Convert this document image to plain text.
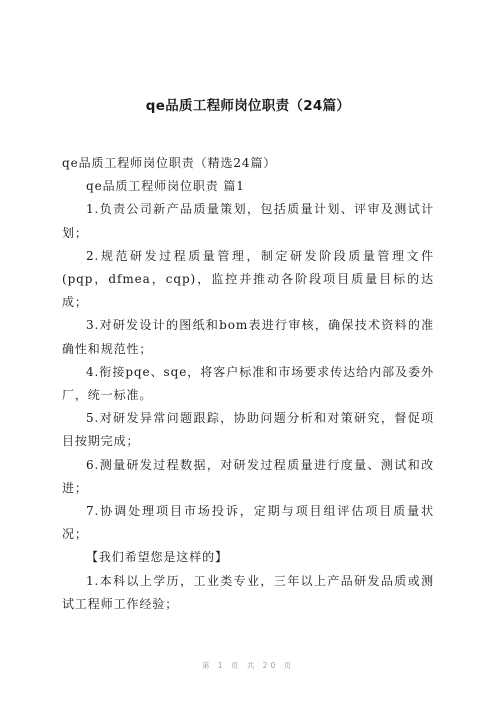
qe品质工程师岗位职责（24篇）

qe品质工程师岗位职责（精选24篇）

qe品质工程师岗位职责 篇1

1.负责公司新产品质量策划，包括质量计划、评审及测试计划；

2.规范研发过程质量管理，制定研发阶段质量管理文件(pqp，dfmea，cqp)，监控并推动各阶段项目质量目标的达成；

3.对研发设计的图纸和bom表进行审核，确保技术资料的准确性和规范性；

4.衔接pqe、sqe，将客户标准和市场要求传达给内部及委外厂，统一标准。

5.对研发异常问题跟踪，协助问题分析和对策研究，督促项目按期完成；

6.测量研发过程数据，对研发过程质量进行度量、测试和改进；

7.协调处理项目市场投诉，定期与项目组评估项目质量状况；

【我们希望您是这样的】

1.本科以上学历，工业类专业，三年以上产品研发品质或测试工程师工作经验；

第 1 页 共 20 页
